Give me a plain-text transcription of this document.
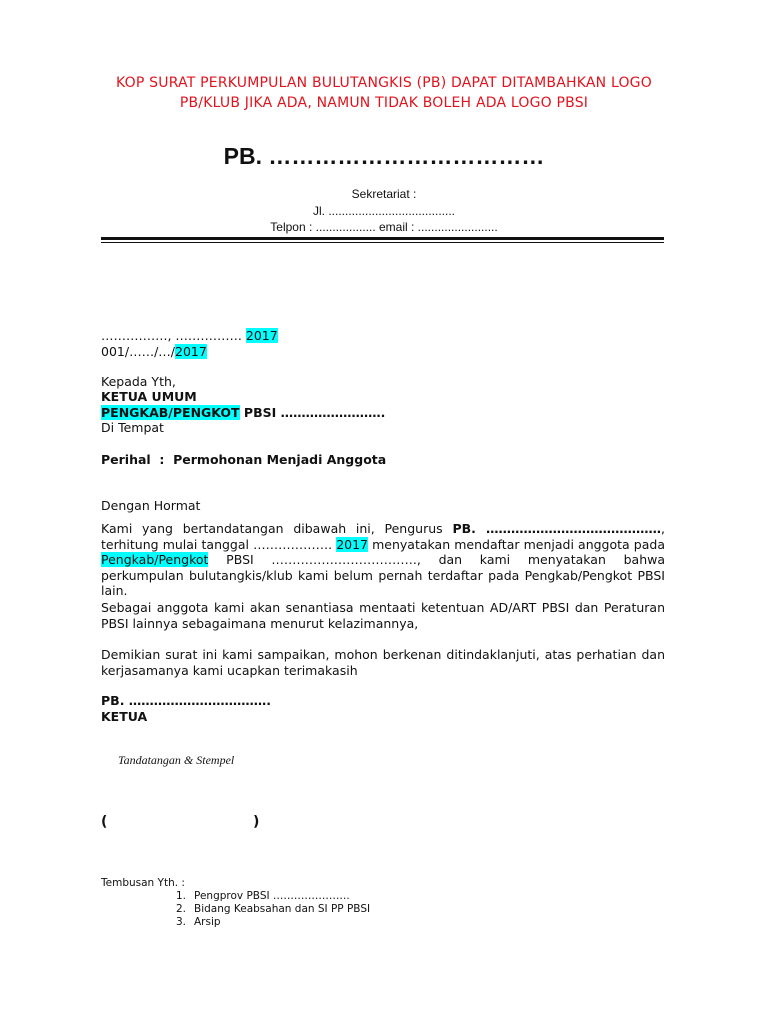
KOP SURAT PERKUMPULAN BULUTANGKIS (PB) DAPAT DITAMBAHKAN LOGO
PB/KLUB JIKA ADA, NAMUN TIDAK BOLEH ADA LOGO PBSI
PB. ………………………………
Sekretariat :
Jl. ......................................
Telpon : .................. email : ........................
……………., ……………. 2017
001/……/…/2017
Kepada Yth,
KETUA UMUM
PENGKAB/PENGKOT PBSI …………………….
Di Tempat
Perihal  :  Permohonan Menjadi Anggota
Dengan Hormat
Kami yang bertandatangan dibawah ini, Pengurus PB. ……………………………………, terhitung mulai tanggal ………………. 2017 menyatakan mendaftar menjadi anggota pada Pengkab/Pengkot PBSI …………….………………., dan kami menyatakan bahwa perkumpulan bulutangkis/klub kami belum pernah terdaftar pada Pengkab/Pengkot PBSI lain.
Sebagai anggota kami akan senantiasa mentaati ketentuan AD/ART PBSI dan Peraturan PBSI lainnya sebagaimana menurut kelazimannya,
Demikian surat ini kami sampaikan, mohon berkenan ditindaklanjuti, atas perhatian dan kerjasamanya kami ucapkan terimakasih
PB. …………………………….
KETUA
Tandatangan & Stempel
(	)
Tembusan Yth. :
1. Pengprov PBSI ………………….
2. Bidang Keabsahan dan SI PP PBSI
3. Arsip
